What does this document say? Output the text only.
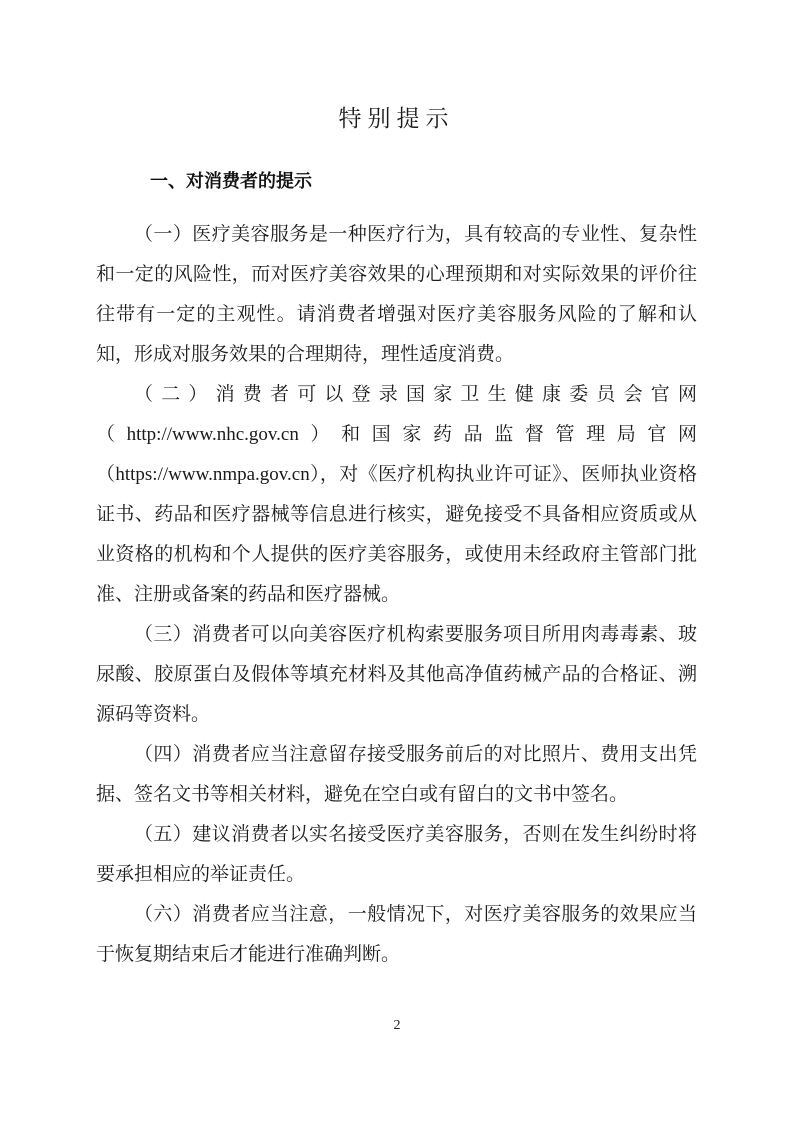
特别提示
一、对消费者的提示

（一）医疗美容服务是一种医疗行为，具有较高的专业性、复杂性和一定的风险性，而对医疗美容效果的心理预期和对实际效果的评价往往带有一定的主观性。请消费者增强对医疗美容服务风险的了解和认知，形成对服务效果的合理期待，理性适度消费。

（二）消费者可以登录国家卫生健康委员会官网（http://www.nhc.gov.cn）和国家药品监督管理局官网（https://www.nmpa.gov.cn），对《医疗机构执业许可证》、医师执业资格证书、药品和医疗器械等信息进行核实，避免接受不具备相应资质或从业资格的机构和个人提供的医疗美容服务，或使用未经政府主管部门批准、注册或备案的药品和医疗器械。

（三）消费者可以向美容医疗机构索要服务项目所用肉毒毒素、玻尿酸、胶原蛋白及假体等填充材料及其他高净值药械产品的合格证、溯源码等资料。

（四）消费者应当注意留存接受服务前后的对比照片、费用支出凭据、签名文书等相关材料，避免在空白或有留白的文书中签名。

（五）建议消费者以实名接受医疗美容服务，否则在发生纠纷时将要承担相应的举证责任。

（六）消费者应当注意，一般情况下，对医疗美容服务的效果应当于恢复期结束后才能进行准确判断。

2
